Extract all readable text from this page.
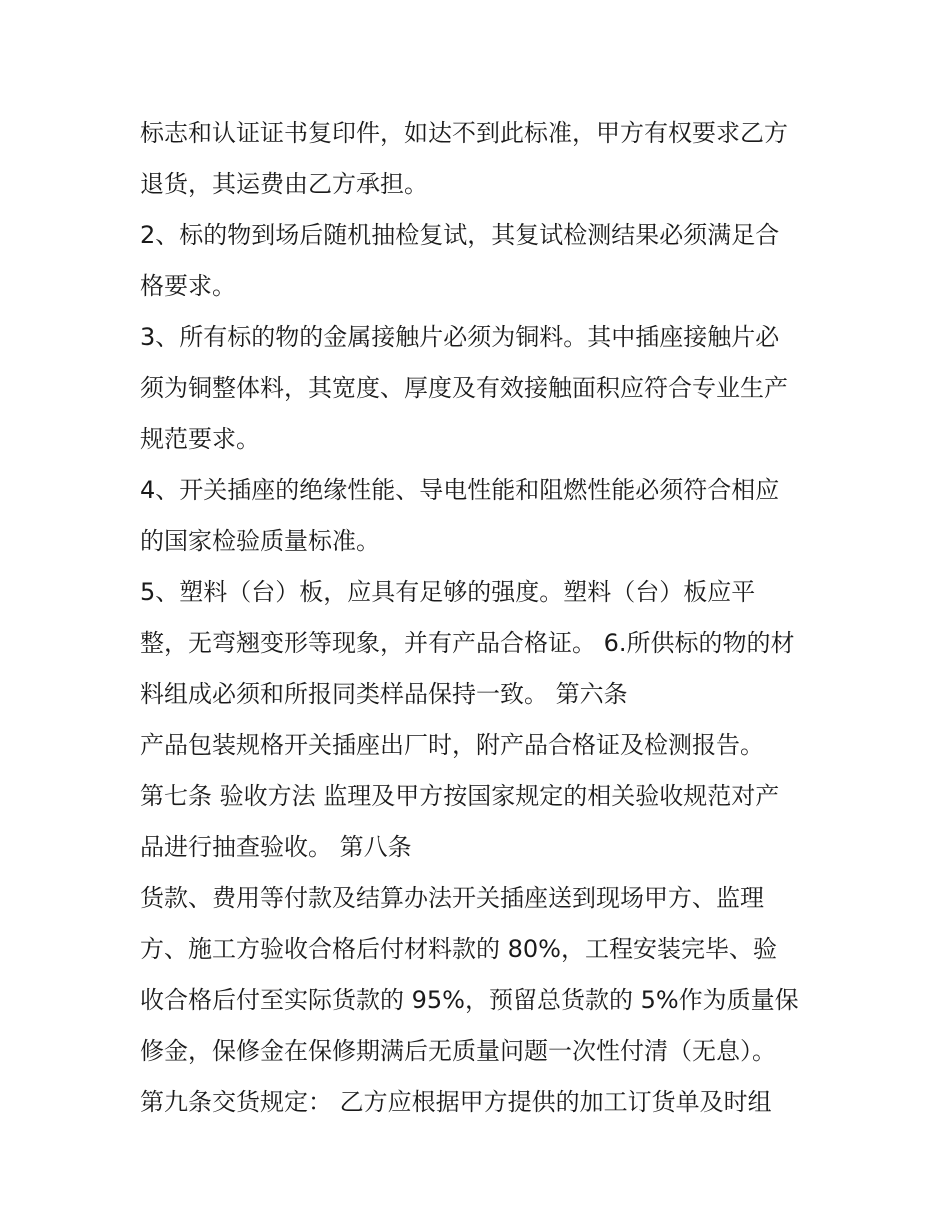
标志和认证证书复印件，如达不到此标准，甲方有权要求乙方
退货，其运费由乙方承担。
2、标的物到场后随机抽检复试，其复试检测结果必须满足合
格要求。
3、所有标的物的金属接触片必须为铜料。其中插座接触片必
须为铜整体料，其宽度、厚度及有效接触面积应符合专业生产
规范要求。
4、开关插座的绝缘性能、导电性能和阻燃性能必须符合相应
的国家检验质量标准。
5、塑料（台）板，应具有足够的强度。塑料（台）板应平
整，无弯翘变形等现象，并有产品合格证。 6.所供标的物的材
料组成必须和所报同类样品保持一致。 第六条
产品包装规格开关插座出厂时，附产品合格证及检测报告。
第七条 验收方法 监理及甲方按国家规定的相关验收规范对产
品进行抽查验收。 第八条
货款、费用等付款及结算办法开关插座送到现场甲方、监理
方、施工方验收合格后付材料款的 80%，工程安装完毕、验
收合格后付至实际货款的 95%，预留总货款的 5%作为质量保
修金，保修金在保修期满后无质量问题一次性付清（无息）。
第九条交货规定： 乙方应根据甲方提供的加工订货单及时组
